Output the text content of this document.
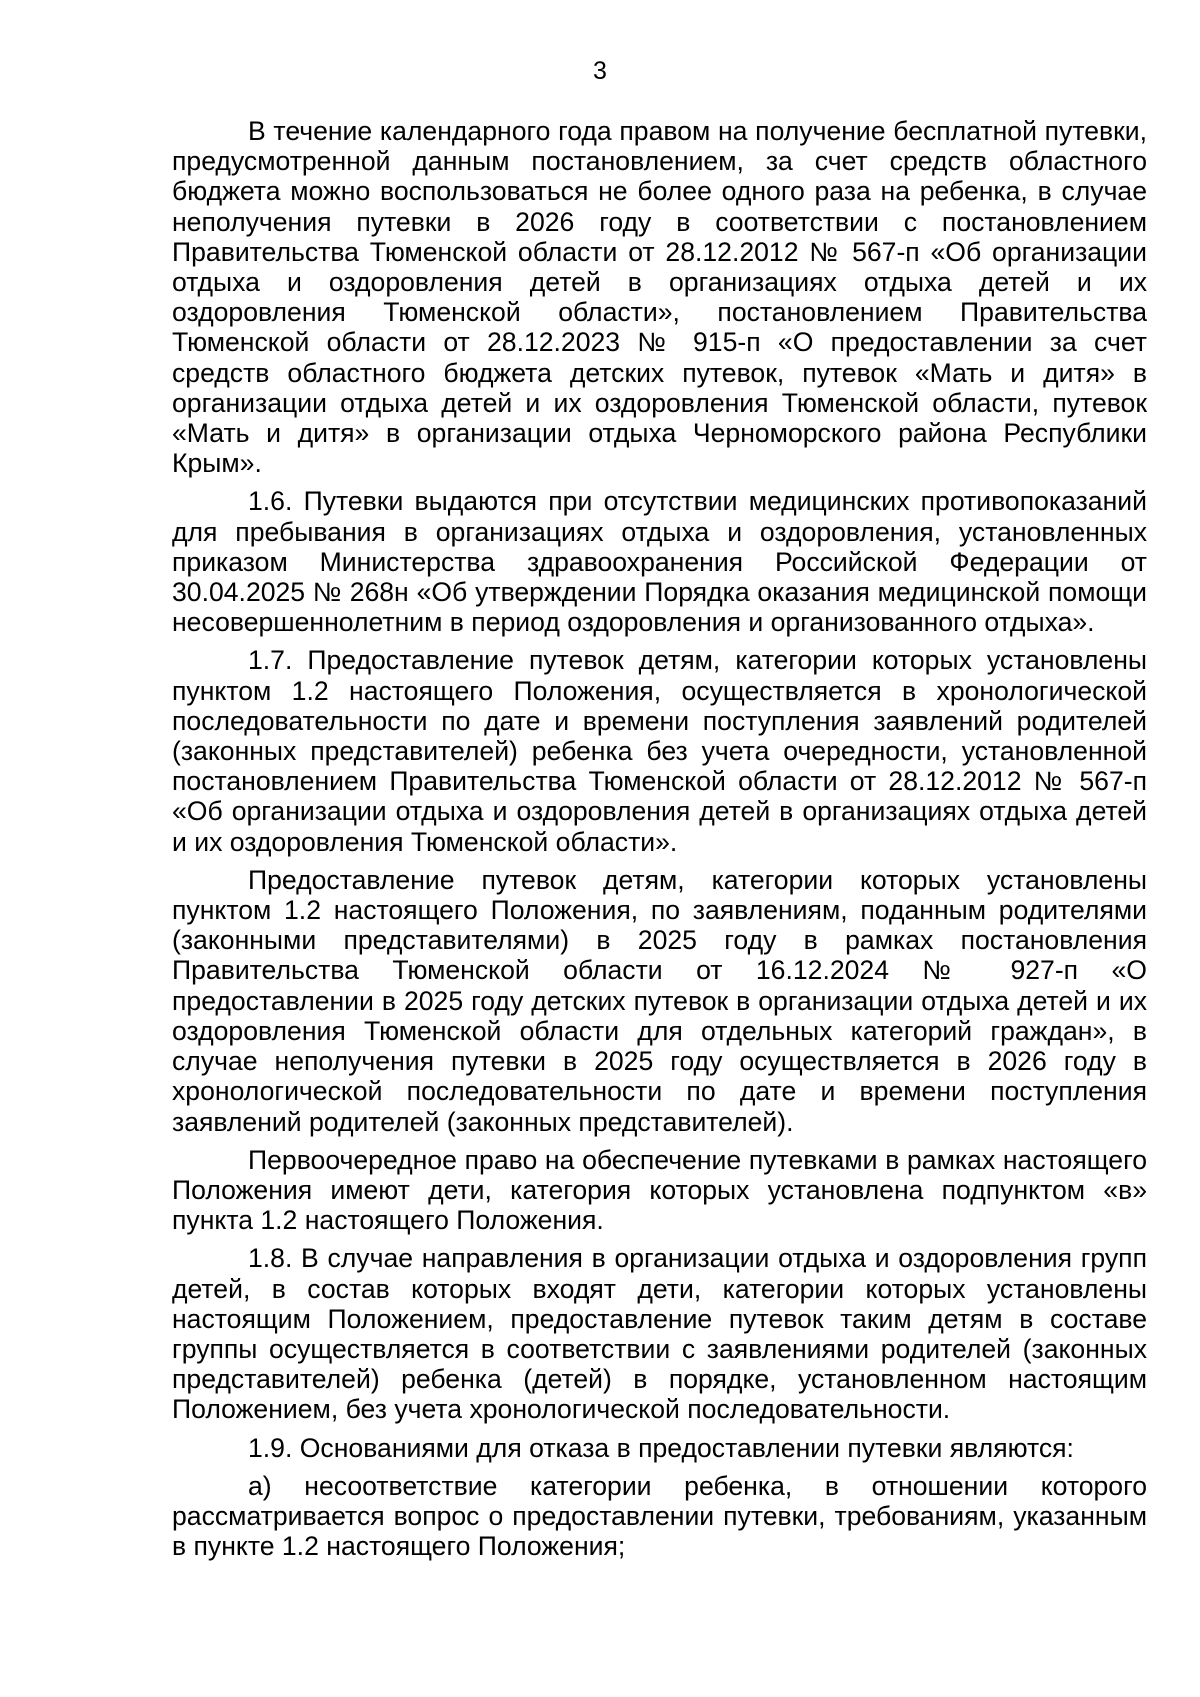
3

В течение календарного года правом на получение бесплатной путевки, предусмотренной данным постановлением, за счет средств областного бюджета можно воспользоваться не более одного раза на ребенка, в случае неполучения путевки в 2026 году в соответствии с постановлением Правительства Тюменской области от 28.12.2012 № 567-п «Об организации отдыха и оздоровления детей в организациях отдыха детей и их оздоровления Тюменской области», постановлением Правительства Тюменской области от 28.12.2023 № 915-п «О предоставлении за счет средств областного бюджета детских путевок, путевок «Мать и дитя» в организации отдыха детей и их оздоровления Тюменской области, путевок «Мать и дитя» в организации отдыха Черноморского района Республики Крым».

1.6. Путевки выдаются при отсутствии медицинских противопоказаний для пребывания в организациях отдыха и оздоровления, установленных приказом Министерства здравоохранения Российской Федерации от 30.04.2025 № 268н «Об утверждении Порядка оказания медицинской помощи несовершеннолетним в период оздоровления и организованного отдыха».

1.7. Предоставление путевок детям, категории которых установлены пунктом 1.2 настоящего Положения, осуществляется в хронологической последовательности по дате и времени поступления заявлений родителей (законных представителей) ребенка без учета очередности, установленной постановлением Правительства Тюменской области от 28.12.2012 № 567-п «Об организации отдыха и оздоровления детей в организациях отдыха детей и их оздоровления Тюменской области».

Предоставление путевок детям, категории которых установлены пунктом 1.2 настоящего Положения, по заявлениям, поданным родителями (законными представителями) в 2025 году в рамках постановления Правительства Тюменской области от 16.12.2024 № 927-п «О предоставлении в 2025 году детских путевок в организации отдыха детей и их оздоровления Тюменской области для отдельных категорий граждан», в случае неполучения путевки в 2025 году осуществляется в 2026 году в хронологической последовательности по дате и времени поступления заявлений родителей (законных представителей).

Первоочередное право на обеспечение путевками в рамках настоящего Положения имеют дети, категория которых установлена подпунктом «в» пункта 1.2 настоящего Положения.

1.8. В случае направления в организации отдыха и оздоровления групп детей, в состав которых входят дети, категории которых установлены настоящим Положением, предоставление путевок таким детям в составе группы осуществляется в соответствии с заявлениями родителей (законных представителей) ребенка (детей) в порядке, установленном настоящим Положением, без учета хронологической последовательности.

1.9. Основаниями для отказа в предоставлении путевки являются:

а) несоответствие категории ребенка, в отношении которого рассматривается вопрос о предоставлении путевки, требованиям, указанным в пункте 1.2 настоящего Положения;
